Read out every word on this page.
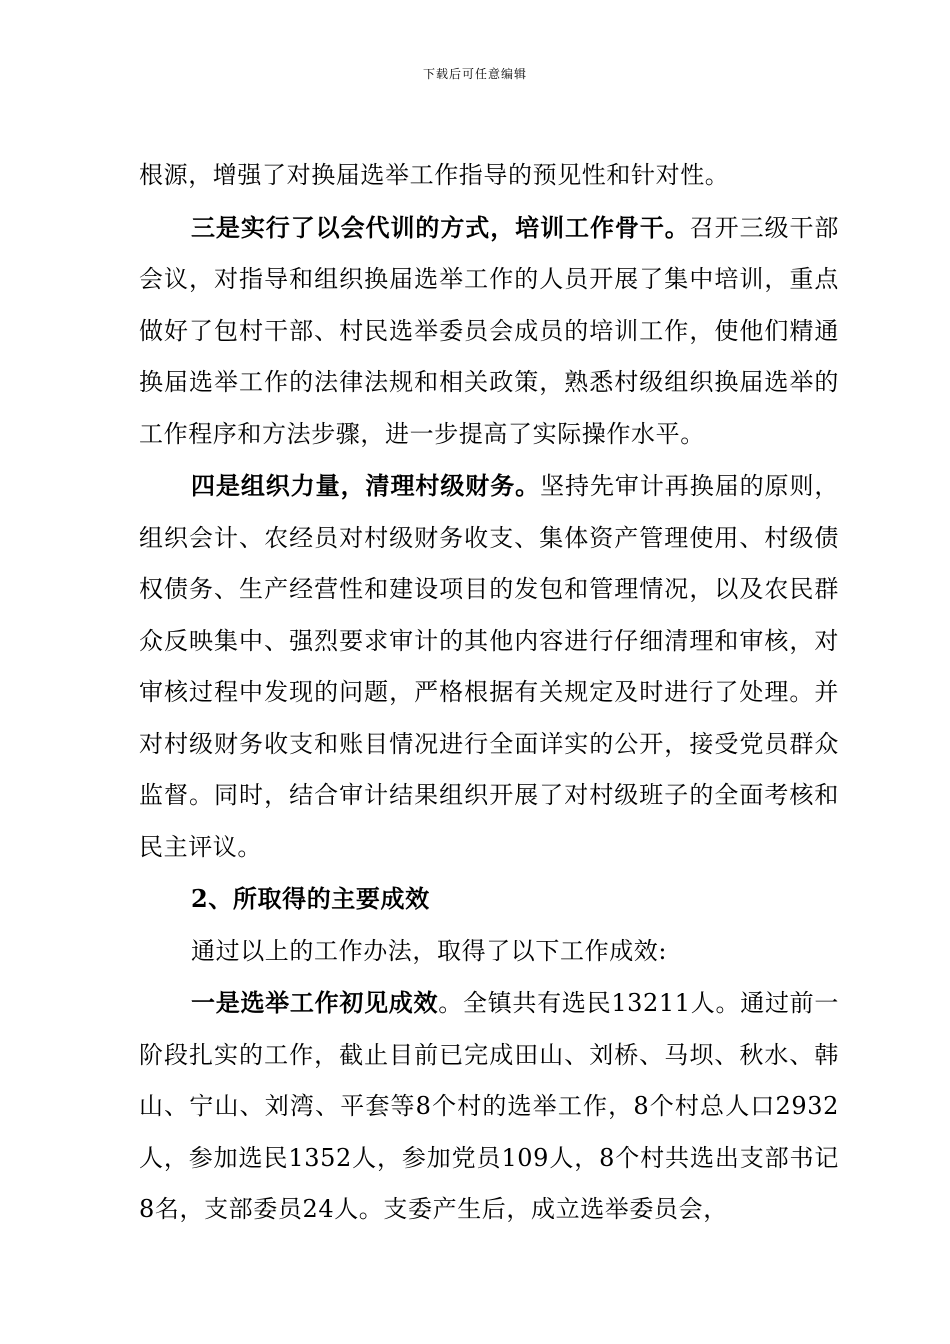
下载后可任意编辑

根源，增强了对换届选举工作指导的预见性和针对性。

三是实行了以会代训的方式，培训工作骨干。召开三级干部会议，对指导和组织换届选举工作的人员开展了集中培训，重点做好了包村干部、村民选举委员会成员的培训工作，使他们精通换届选举工作的法律法规和相关政策，熟悉村级组织换届选举的工作程序和方法步骤，进一步提高了实际操作水平。

四是组织力量，清理村级财务。坚持先审计再换届的原则，组织会计、农经员对村级财务收支、集体资产管理使用、村级债权债务、生产经营性和建设项目的发包和管理情况，以及农民群众反映集中、强烈要求审计的其他内容进行仔细清理和审核，对审核过程中发现的问题，严格根据有关规定及时进行了处理。并对村级财务收支和账目情况进行全面详实的公开，接受党员群众监督。同时，结合审计结果组织开展了对村级班子的全面考核和民主评议。

2、所取得的主要成效

通过以上的工作办法，取得了以下工作成效:

一是选举工作初见成效。全镇共有选民13211人。通过前一阶段扎实的工作，截止目前已完成田山、刘桥、马坝、秋水、韩山、宁山、刘湾、平套等8个村的选举工作，8个村总人口2932人，参加选民1352人，参加党员109人，8个村共选出支部书记8名，支部委员24人。支委产生后，成立选举委员会，
